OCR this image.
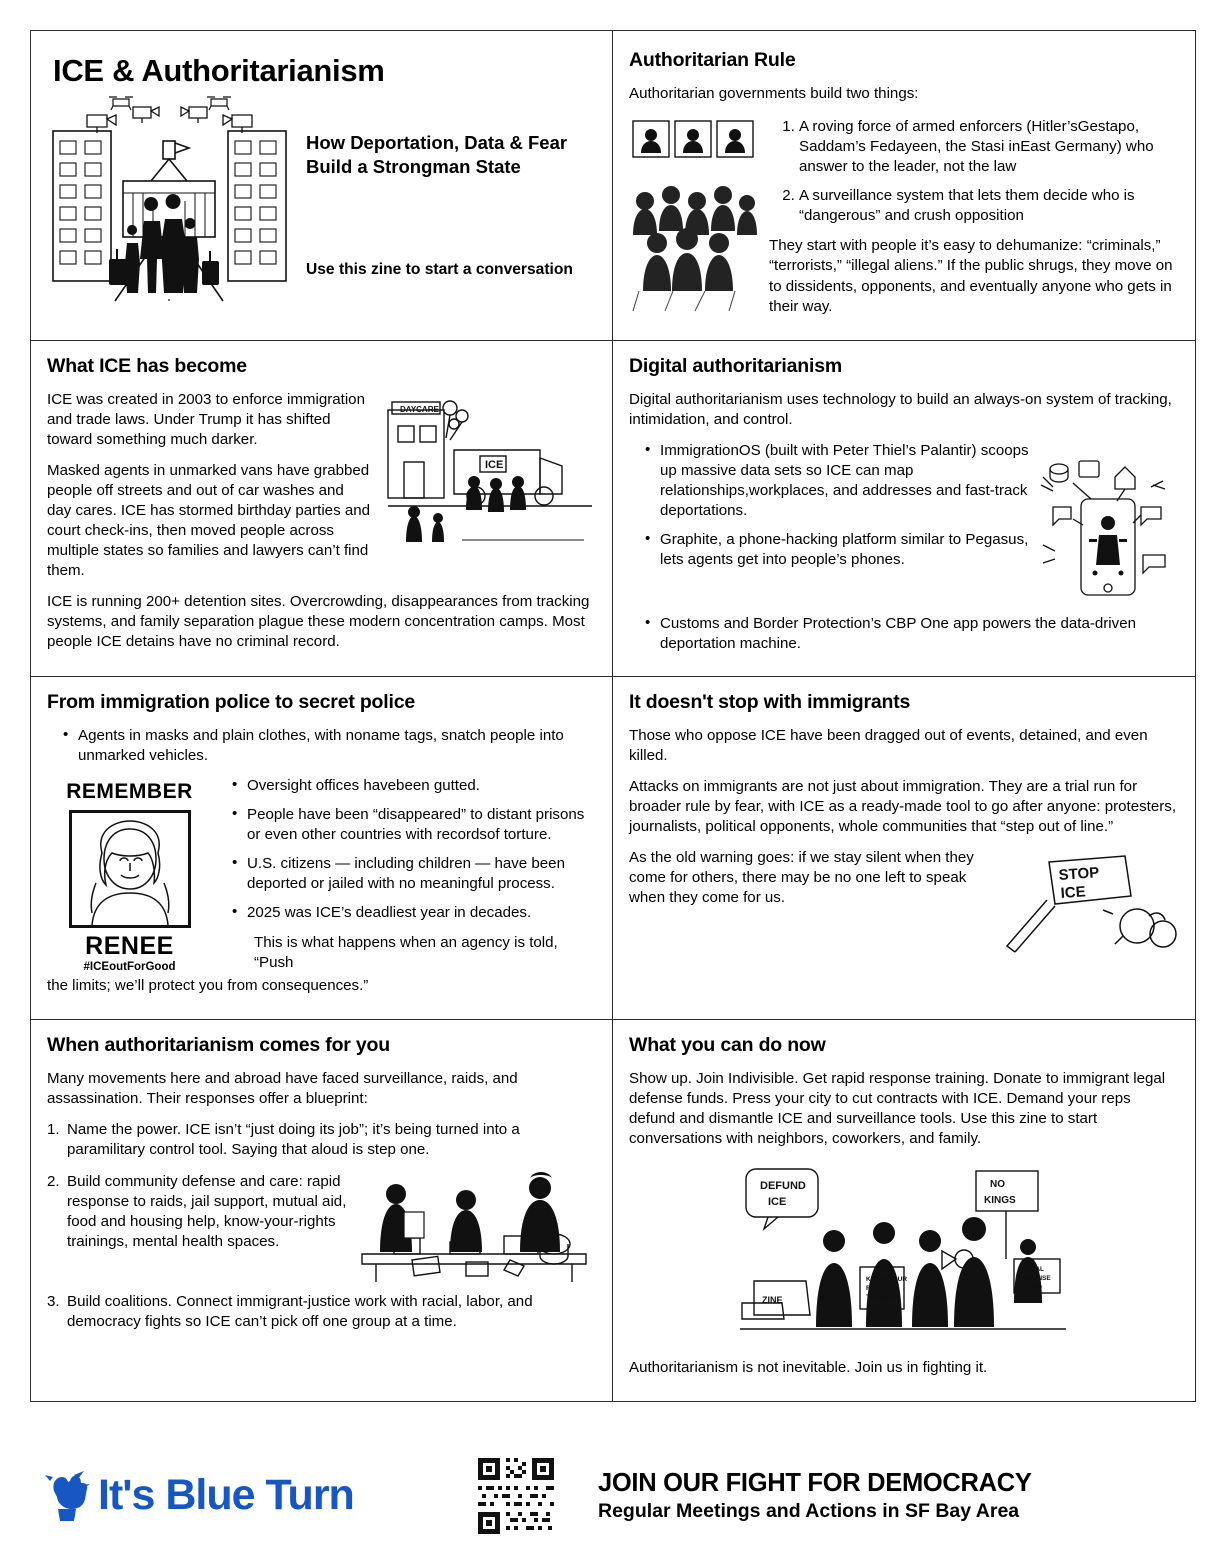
ICE & Authoritarianism
How Deportation, Data & Fear Build a Strongman State
Use this zine to start a conversation
Authoritarian Rule

Authoritarian governments build two things:

1. A roving force of armed enforcers (Hitler’sGestapo, Saddam’s Fedayeen, the Stasi inEast Germany) who answer to the leader, not the law
2. A surveillance system that lets them decide who is “dangerous” and crush opposition

They start with people it’s easy to dehumanize: “criminals,” “terrorists,” “illegal aliens.” If the public shrugs, they move on to dissidents, opponents, and eventually anyone who gets in their way.

What ICE has become
DAYCARE
ICE

ICE was created in 2003 to enforce immigration and trade laws. Under Trump it has shifted toward something much darker.

Masked agents in unmarked vans have grabbed people off streets and out of car washes and day cares. ICE has stormed birthday parties and court check-ins, then moved people across multiple states so families and lawyers can’t find them.

ICE is running 200+ detention sites. Overcrowding, disappearances from tracking systems, and family separation plague these modern concentration camps. Most people ICE detains have no criminal record.

Digital authoritarianism

Digital authoritarianism uses technology to build an always-on system of tracking, intimidation, and control.

• ImmigrationOS (built with Peter Thiel’s Palantir) scoops up massive data sets so ICE can map relationships,workplaces, and addresses and fast-track deportations.
• Graphite, a phone-hacking platform similar to Pegasus, lets agents get into people’s phones.
• Customs and Border Protection’s CBP One app powers the data-driven deportation machine.
From immigration police to secret police
• Agents in masks and plain clothes, with noname tags, snatch people into unmarked vehicles.
REMEMBER
RENEE
#ICEoutForGood
• Oversight offices havebeen gutted.
• People have been “disappeared” to distant prisons or even other countries with recordsof torture.
• U.S. citizens — including children — have been deported or jailed with no meaningful process.
• 2025 was ICE’s deadliest year in decades.

This is what happens when an agency is told, “Push

the limits; we’ll protect you from consequences.”

It doesn't stop with immigrants

Those who oppose ICE have been dragged out of events, detained, and even killed.

Attacks on immigrants are not just about immigration. They are a trial run for broader rule by fear, with ICE as a ready-made tool to go after anyone: protesters, journalists, political opponents, whole communities that “step out of line.”

As the old warning goes: if we stay silent when they come for others, there may be no one left to speak when they come for us.

STOP
ICE
When authoritarianism comes for you

Many movements here and abroad have faced surveillance, raids, and assassination. Their responses offer a blueprint:

1. Name the power. ICE isn’t “just doing its job”; it’s being turned into a paramilitary control tool. Saying that aloud is step one.
2. Build community defense and care: rapid response to raids, jail support, mutual aid, food and housing help, know-your-rights trainings, mental health spaces.
3. Build coalitions. Connect immigrant-justice work with racial, labor, and democracy fights so ICE can’t pick off one group at a time.
What you can do now

Show up. Join Indivisible. Get rapid response training. Donate to immigrant legal defense funds. Press your city to cut contracts with ICE. Demand your reps defund and dismantle ICE and surveillance tools. Use this zine to start conversations with neighbors, coworkers, and family.

DEFUND
ICE
NO
KINGS
ZINE
KNOW YOUR
RIGHTS
TRAINING
LEGAL
DEFENSE
FUND

Authoritarianism is not inevitable. Join us in fighting it.

It's Blue Turn	JOIN OUR FIGHT FOR DEMOCRACY
Regular Meetings and Actions in SF Bay Area
